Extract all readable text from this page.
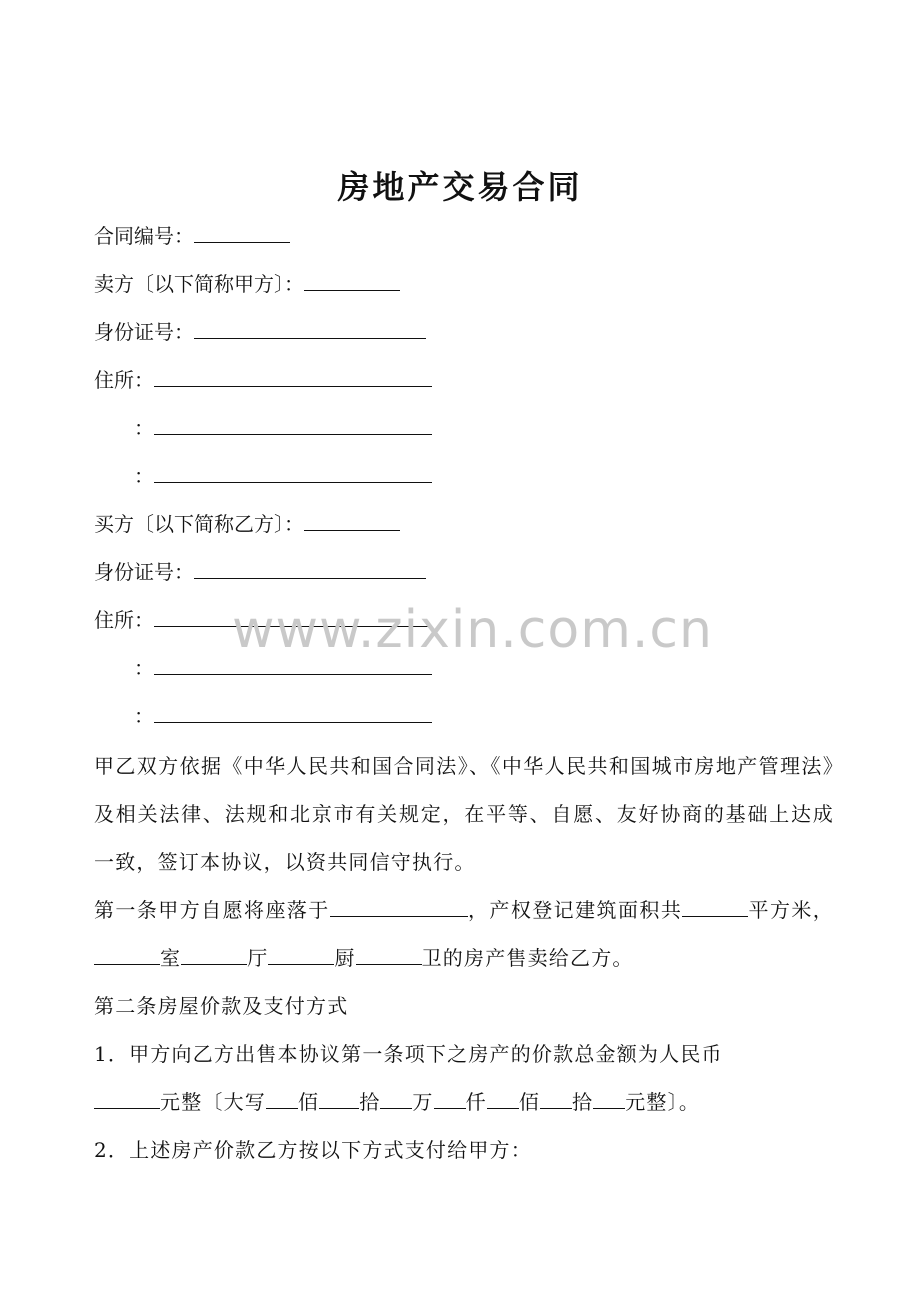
房地产交易合同
合同编号：
卖方〔以下简称甲方〕：
身份证号：
住所：
：
：
买方〔以下简称乙方〕：
身份证号：
住所：
：
：
甲乙双方依据《中华人民共和国合同法》、《中华人民共和国城市房地产管理法》及相关法律、法规和北京市有关规定，在平等、自愿、友好协商的基础上达成一致，签订本协议，以资共同信守执行。
第一条甲方自愿将座落于	，产权登记建筑面积共	平方米，室	厅	厨	卫的房产售卖给乙方。
第二条房屋价款及支付方式
1．甲方向乙方出售本协议第一条项下之房产的价款总金额为人民币
元整〔大写 佰 拾 万 仟 佰 拾 元整〕。
2．上述房产价款乙方按以下方式支付给甲方：
www.zixin.com.cn
